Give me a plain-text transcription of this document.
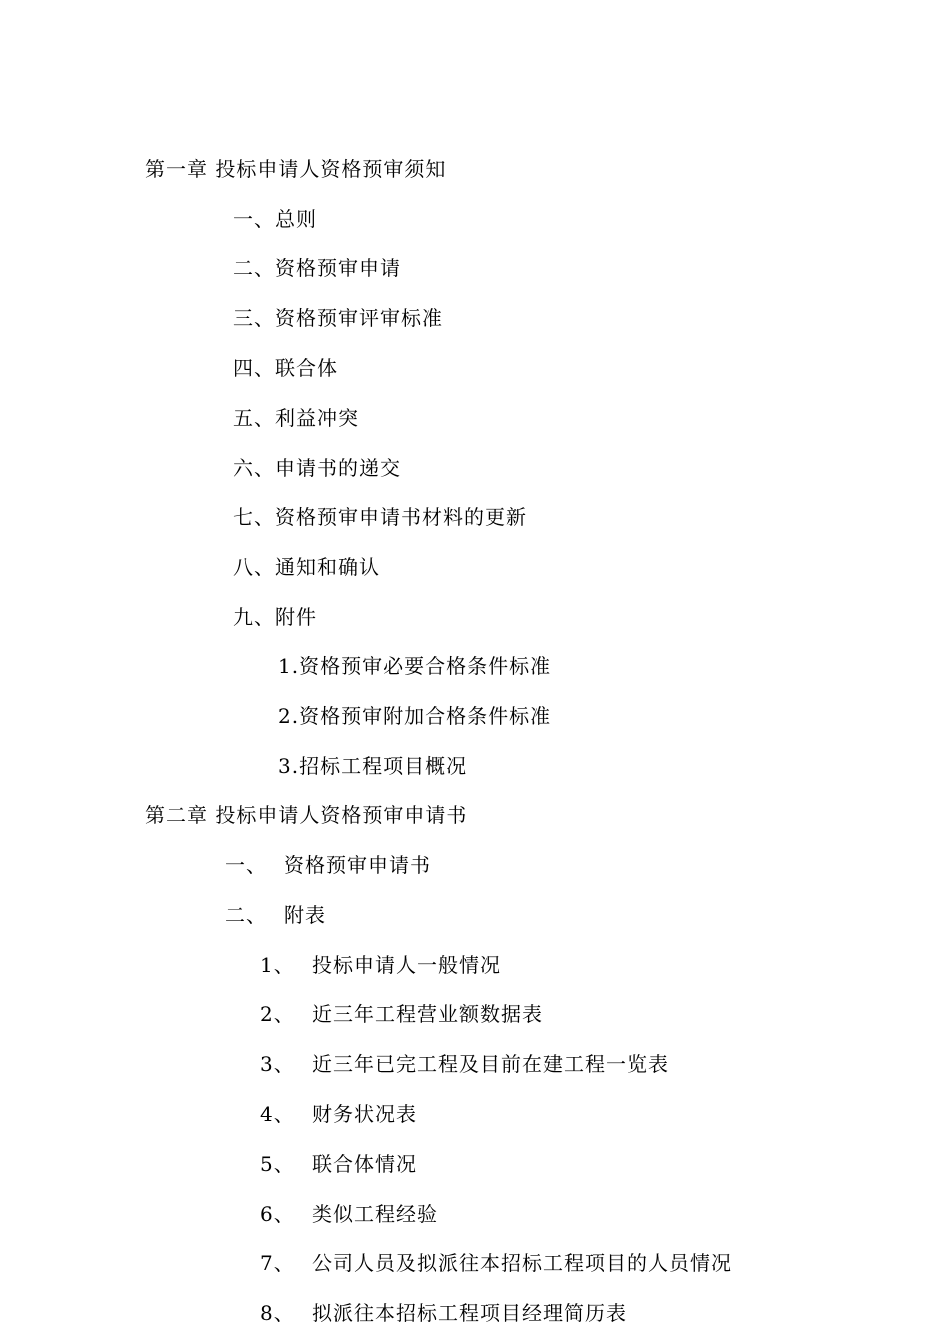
第一章 投标申请人资格预审须知
一、总则
二、资格预审申请
三、资格预审评审标准
四、联合体
五、利益冲突
六、申请书的递交
七、资格预审申请书材料的更新
八、通知和确认
九、附件
1.资格预审必要合格条件标准
2.资格预审附加合格条件标准
3.招标工程项目概况
第二章 投标申请人资格预审申请书
一、 资格预审申请书
二、 附表
1、 投标申请人一般情况
2、 近三年工程营业额数据表
3、 近三年已完工程及目前在建工程一览表
4、 财务状况表
5、 联合体情况
6、 类似工程经验
7、 公司人员及拟派往本招标工程项目的人员情况
8、 拟派往本招标工程项目经理简历表
